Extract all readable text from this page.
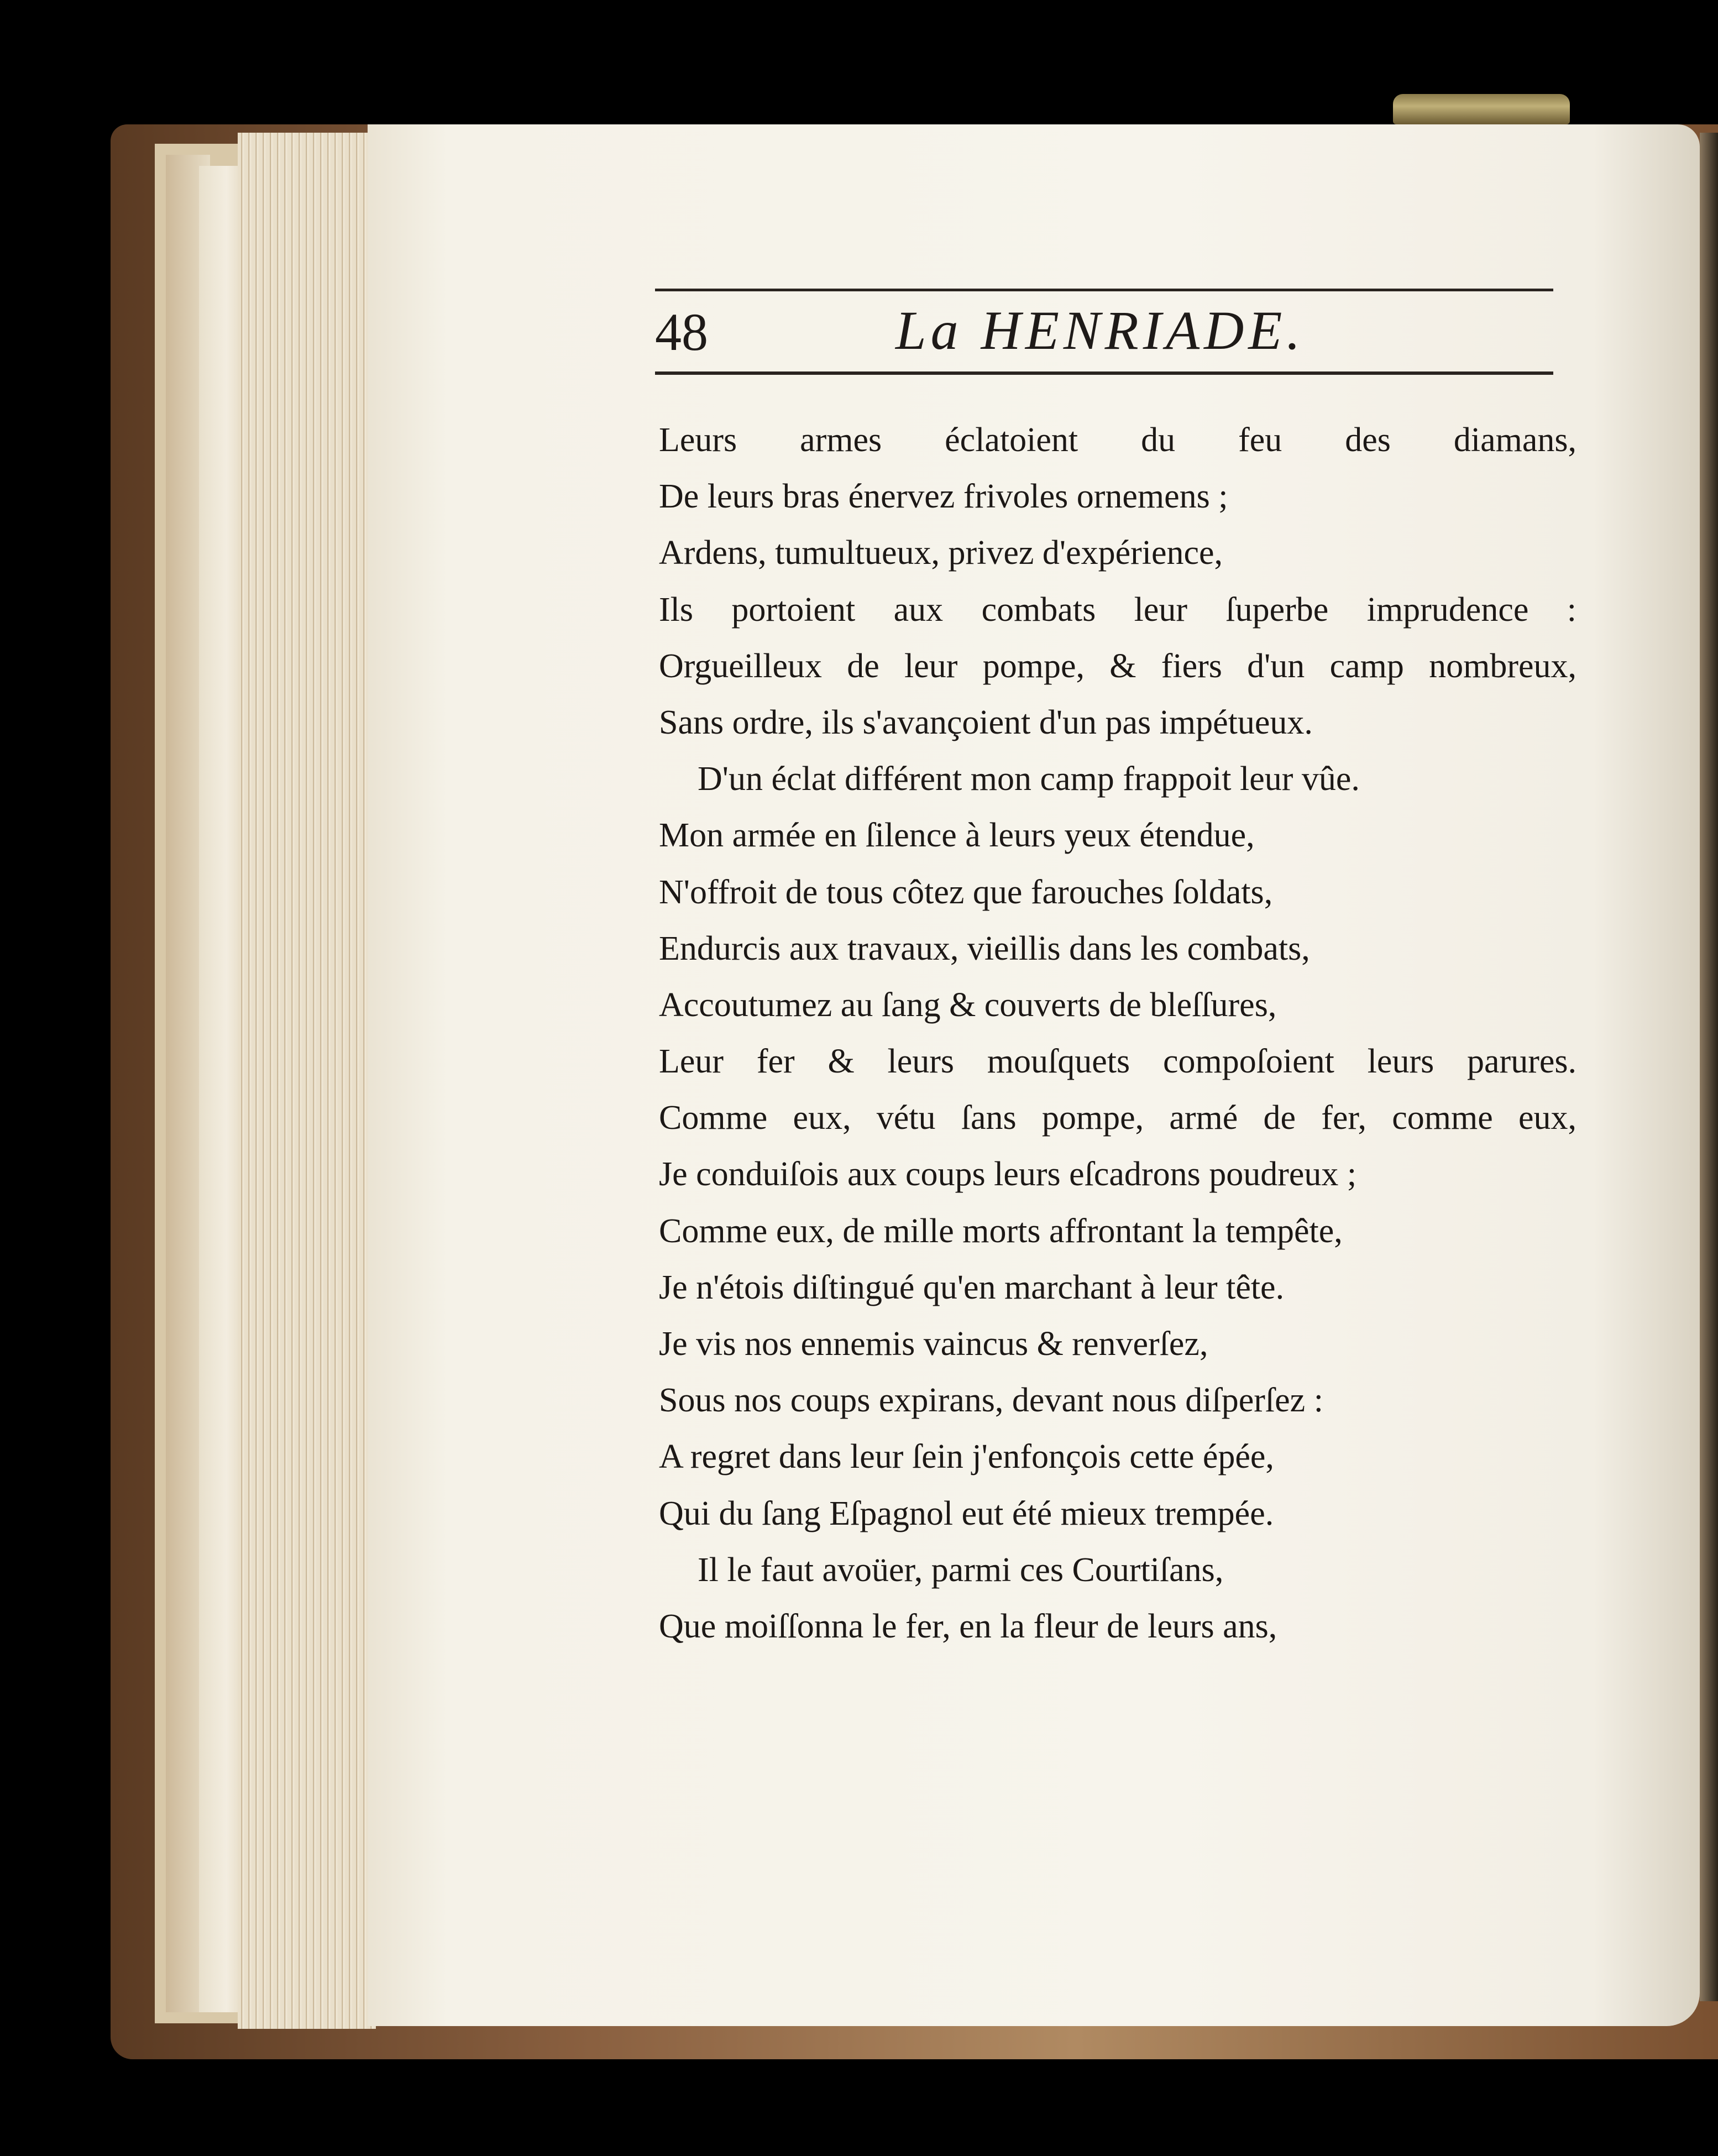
48	La HENRIADE.

Leurs armes éclatoient du feu des diamans,
De leurs bras énervez frivoles ornemens ;
Ardens, tumultueux, privez d'expérience,
Ils portoient aux combats leur ſuperbe imprudence :
Orgueilleux de leur pompe, & fiers d'un camp nombreux,
Sans ordre, ils s'avançoient d'un pas impétueux.
D'un éclat différent mon camp frappoit leur vûe.
Mon armée en ſilence à leurs yeux étendue,
N'offroit de tous côtez que farouches ſoldats,
Endurcis aux travaux, vieillis dans les combats,
Accoutumez au ſang & couverts de bleſſures,
Leur fer & leurs mouſquets compoſoient leurs parures.
Comme eux, vétu ſans pompe, armé de fer, comme eux,
Je conduiſois aux coups leurs eſcadrons poudreux ;
Comme eux, de mille morts affrontant la tempête,
Je n'étois diſtingué qu'en marchant à leur tête.
Je vis nos ennemis vaincus & renverſez,
Sous nos coups expirans, devant nous diſperſez :
A regret dans leur ſein j'enfonçois cette épée,
Qui du ſang Eſpagnol eut été mieux trempée.
Il le faut avoüer, parmi ces Courtiſans,
Que moiſſonna le fer, en la fleur de leurs ans,
